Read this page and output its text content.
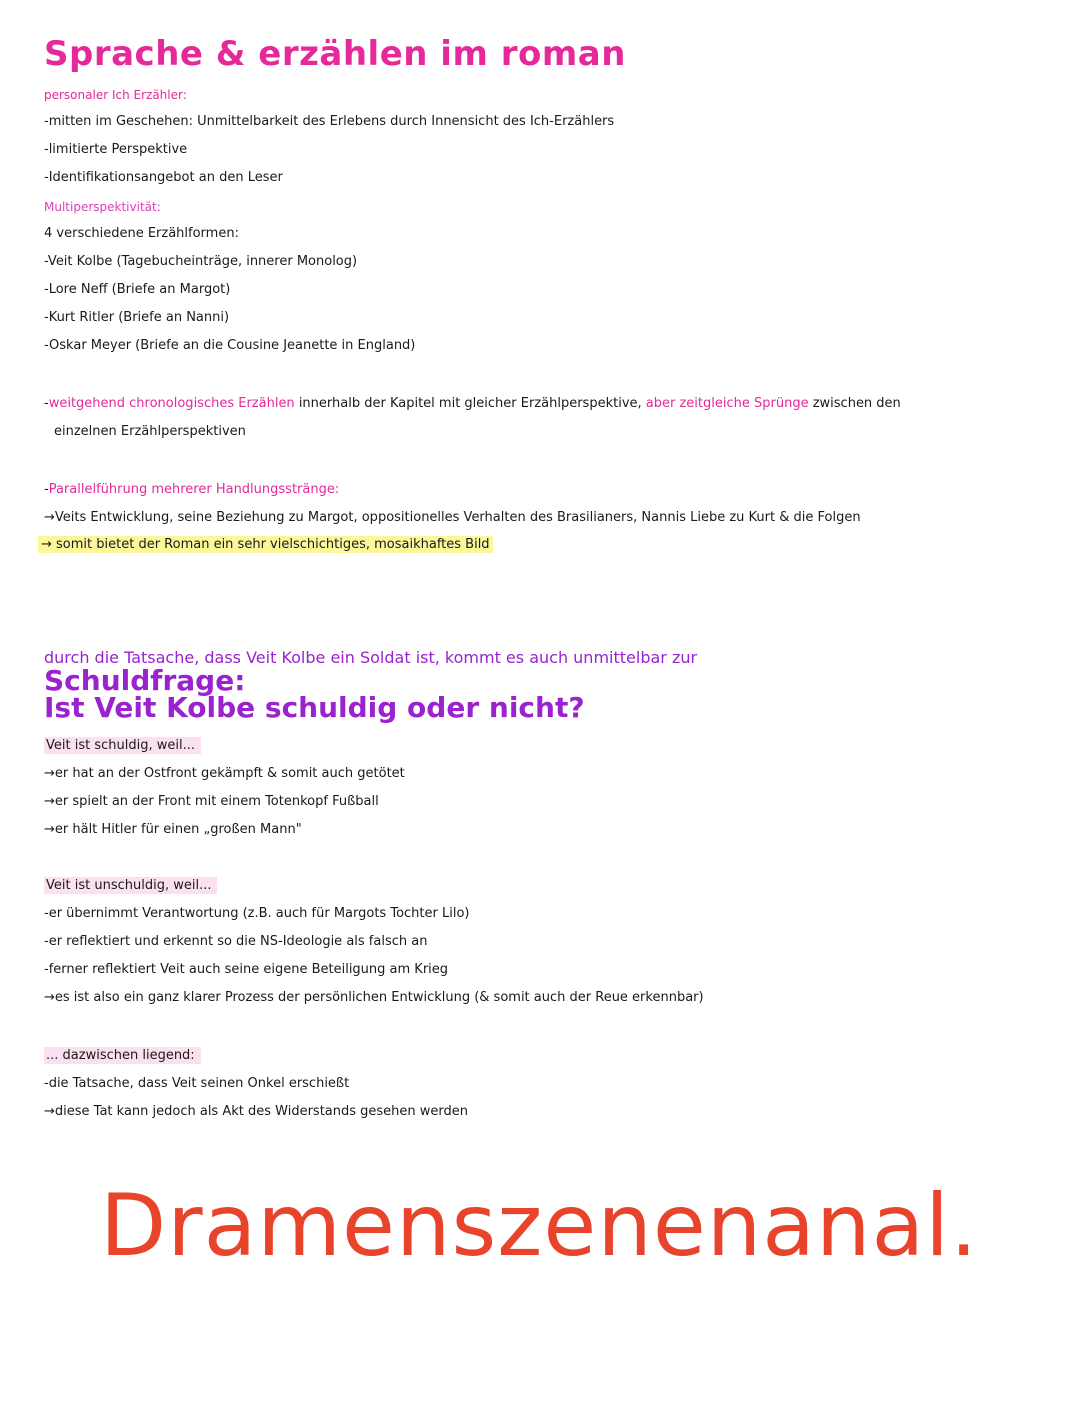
Sprache & erzählen im roman
personaler Ich Erzähler:
-mitten im Geschehen: Unmittelbarkeit des Erlebens durch Innensicht des Ich-Erzählers
-limitierte Perspektive
-Identifikationsangebot an den Leser
Multiperspektivität:
4 verschiedene Erzählformen:
-Veit Kolbe (Tagebucheinträge, innerer Monolog)
-Lore Neff (Briefe an Margot)
-Kurt Ritler (Briefe an Nanni)
-Oskar Meyer (Briefe an die Cousine Jeanette in England)
-weitgehend chronologisches Erzählen innerhalb der Kapitel mit gleicher Erzählperspektive, aber zeitgleiche Sprünge zwischen den
einzelnen Erzählperspektiven
-Parallelführung mehrerer Handlungsstränge:
→Veits Entwicklung, seine Beziehung zu Margot, oppositionelles Verhalten des Brasilianers, Nannis Liebe zu Kurt & die Folgen
→ somit bietet der Roman ein sehr vielschichtiges, mosaikhaftes Bild
durch die Tatsache, dass Veit Kolbe ein Soldat ist, kommt es auch unmittelbar zur
Schuldfrage:
Ist Veit Kolbe schuldig oder nicht?
Veit ist schuldig, weil...
→er hat an der Ostfront gekämpft & somit auch getötet
→er spielt an der Front mit einem Totenkopf Fußball
→er hält Hitler für einen „großen Mann"
Veit ist unschuldig, weil...
-er übernimmt Verantwortung (z.B. auch für Margots Tochter Lilo)
-er reflektiert und erkennt so die NS-Ideologie als falsch an
-ferner reflektiert Veit auch seine eigene Beteiligung am Krieg
→es ist also ein ganz klarer Prozess der persönlichen Entwicklung (& somit auch der Reue erkennbar)
... dazwischen liegend:
-die Tatsache, dass Veit seinen Onkel erschießt
→diese Tat kann jedoch als Akt des Widerstands gesehen werden
Dramenszenenanal.
